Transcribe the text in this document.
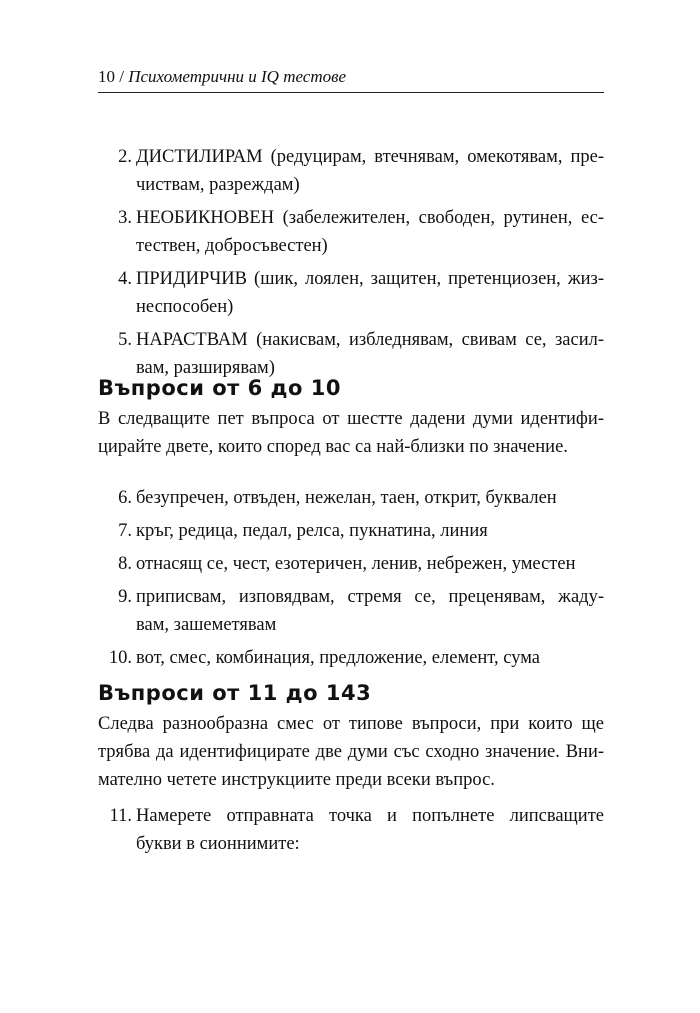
10 / Психометрични и IQ тестове
2. ДИСТИЛИРАМ (редуцирам, втечнявам, омекотявам, пре-
чиствам, разреждам)
3. НЕОБИКНОВЕН (забележителен, свободен, рутинен, ес-
тествен, добросъвестен)
4. ПРИДИРЧИВ (шик, лоялен, защитен, претенциозен, жиз-
неспособен)
5. НАРАСТВАМ (накисвам, избледнявам, свивам се, засил-
вам, разширявам)
Въпроси от 6 до 10
В следващите пет въпроса от шестте дадени думи идентифи-
цирайте двете, които според вас са най-близки по значение.
6. безупречен, отвъден, нежелан, таен, открит, буквален
7. кръг, редица, педал, релса, пукнатина, линия
8. отнасящ се, чест, езотеричен, ленив, небрежен, уместен
9. приписвам, изповядвам, стремя се, преценявам, жаду-
вам, зашеметявам
10. вот, смес, комбинация, предложение, елемент, сума
Въпроси от 11 до 143
Следва разнообразна смес от типове въпроси, при които ще
трябва да идентифицирате две думи със сходно значение. Вни-
мателно четете инструкциите преди всеки въпрос.
11. Намерете отправната точка и попълнете липсващите
букви в сионнимите:
